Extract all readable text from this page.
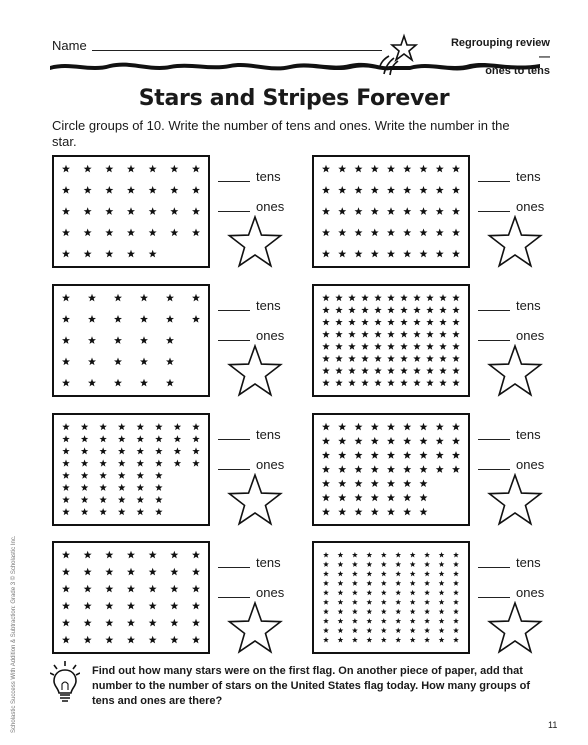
Name	Regrouping review—
ones to tens
Stars and Stripes Forever
Circle groups of 10. Write the number of tens and ones. Write the number in the star.
tens
ones
tens
ones
tens
ones
tens
ones
tens
ones
tens
ones
tens
ones
tens
ones
Find out how many stars were on the first flag. On another piece of paper, add that number to the number of stars on the United States flag today. How many groups of tens and ones are there?
Scholastic Success With Addition & Subtraction: Grade 3 © Scholastic Inc.	11
